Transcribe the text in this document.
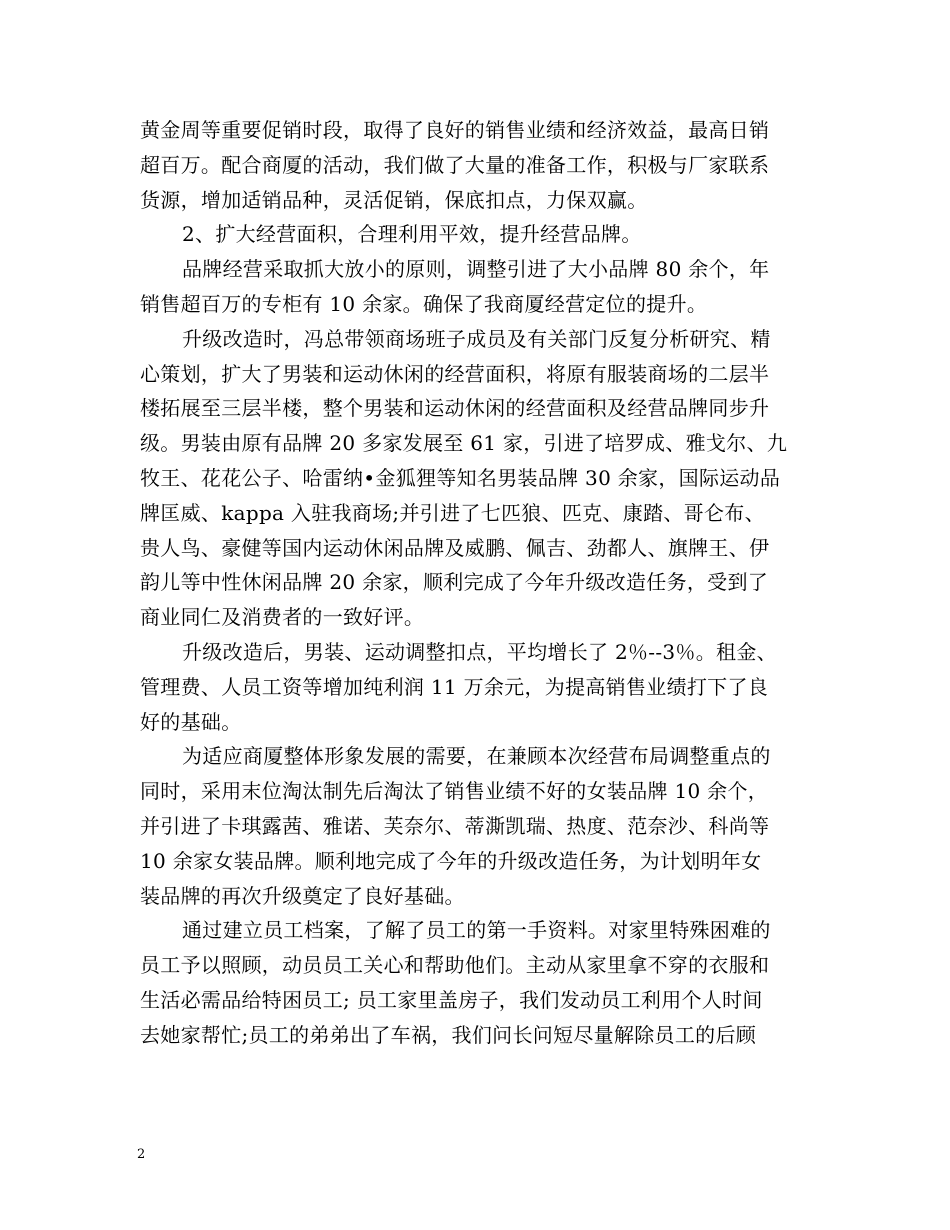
黄金周等重要促销时段，取得了良好的销售业绩和经济效益，最高日销
超百万。配合商厦的活动，我们做了大量的准备工作，积极与厂家联系
货源，增加适销品种，灵活促销，保底扣点，力保双赢。
2、扩大经营面积，合理利用平效，提升经营品牌。
品牌经营采取抓大放小的原则，调整引进了大小品牌 80 余个，年
销售超百万的专柜有 10 余家。确保了我商厦经营定位的提升。
升级改造时，冯总带领商场班子成员及有关部门反复分析研究、精
心策划，扩大了男装和运动休闲的经营面积，将原有服装商场的二层半
楼拓展至三层半楼，整个男装和运动休闲的经营面积及经营品牌同步升
级。男装由原有品牌 20 多家发展至 61 家，引进了培罗成、雅戈尔、九
牧王、花花公子、哈雷纳•金狐狸等知名男装品牌 30 余家，国际运动品
牌匡威、kappa 入驻我商场;并引进了七匹狼、匹克、康踏、哥仑布、
贵人鸟、豪健等国内运动休闲品牌及威鹏、佩吉、劲都人、旗牌王、伊
韵儿等中性休闲品牌 20 余家，顺利完成了今年升级改造任务，受到了
商业同仁及消费者的一致好评。
升级改造后，男装、运动调整扣点，平均增长了 2％--3％。租金、
管理费、人员工资等增加纯利润 11 万余元，为提高销售业绩打下了良
好的基础。
为适应商厦整体形象发展的需要，在兼顾本次经营布局调整重点的
同时，采用末位淘汰制先后淘汰了销售业绩不好的女装品牌 10 余个，
并引进了卡琪露茜、雅诺、芙奈尔、蒂澌凯瑞、热度、范奈沙、科尚等
10 余家女装品牌。顺利地完成了今年的升级改造任务，为计划明年女
装品牌的再次升级奠定了良好基础。
通过建立员工档案，了解了员工的第一手资料。对家里特殊困难的
员工予以照顾，动员员工关心和帮助他们。主动从家里拿不穿的衣服和
生活必需品给特困员工; 员工家里盖房子，我们发动员工利用个人时间
去她家帮忙;员工的弟弟出了车祸，我们问长问短尽量解除员工的后顾
2
